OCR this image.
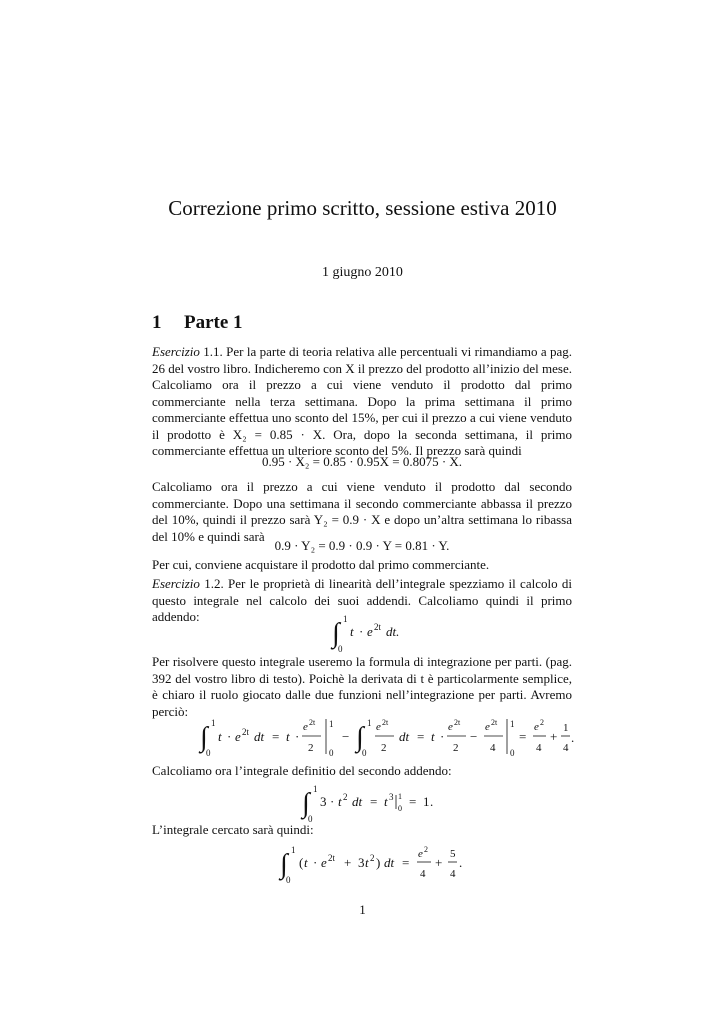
Correzione primo scritto, sessione estiva 2010
1 giugno 2010
1 Parte 1

Esercizio 1.1. Per la parte di teoria relativa alle percentuali vi rimandiamo a pag. 26 del vostro libro. Indicheremo con X il prezzo del prodotto all’inizio del mese. Calcoliamo ora il prezzo a cui viene venduto il prodotto dal primo commerciante nella terza settimana. Dopo la prima settimana il primo commerciante effettua uno sconto del 15%, per cui il prezzo a cui viene venduto il prodotto è X₂ = 0.85 · X. Ora, dopo la seconda settimana, il primo commerciante effettua un ulteriore sconto del 5%. Il prezzo sarà quindi

0.95 · X₂ = 0.85 · 0.95X = 0.8075 · X.

Calcoliamo ora il prezzo a cui viene venduto il prodotto dal secondo commerciante. Dopo una settimana il secondo commerciante abbassa il prezzo del 10%, quindi il prezzo sarà Y₂ = 0.9 · X e dopo un’altra settimana lo ribassa del 10% e quindi sarà

0.9 · Y₂ = 0.9 · 0.9 · Y = 0.81 · Y.

Per cui, conviene acquistare il prodotto dal primo commerciante.

Esercizio 1.2. Per le proprietà di linearità dell’integrale spezziamo il calcolo di questo integrale nel calcolo dei suoi addendi. Calcoliamo quindi il primo addendo:

∫ 1
0
t · e 2t dt.

Per risolvere questo integrale useremo la formula di integrazione per parti. (pag. 392 del vostro libro di testo). Poichè la derivata di t è particolarmente semplice, è chiaro il ruolo giocato dalle due funzioni nell’integrazione per parti. Avremo perciò:

∫ 1
0
t · e 2t dt = t ·
e 2t
2
1
0
− ∫ 1
0
e 2t
2
dt = t ·
e 2t
2
−
e 2t
4
1
0
=
e 2
4
+
1
4
.

Calcoliamo ora l’integrale definitio del secondo addendo:

∫ 1
0
3 · t 2 dt = t 3 1
0 = 1 .

L’integrale cercato sarà quindi:

∫ 1
0
( t · e 2t + 3 t 2 ) dt =
e 2
4
+
5
4
.
1
